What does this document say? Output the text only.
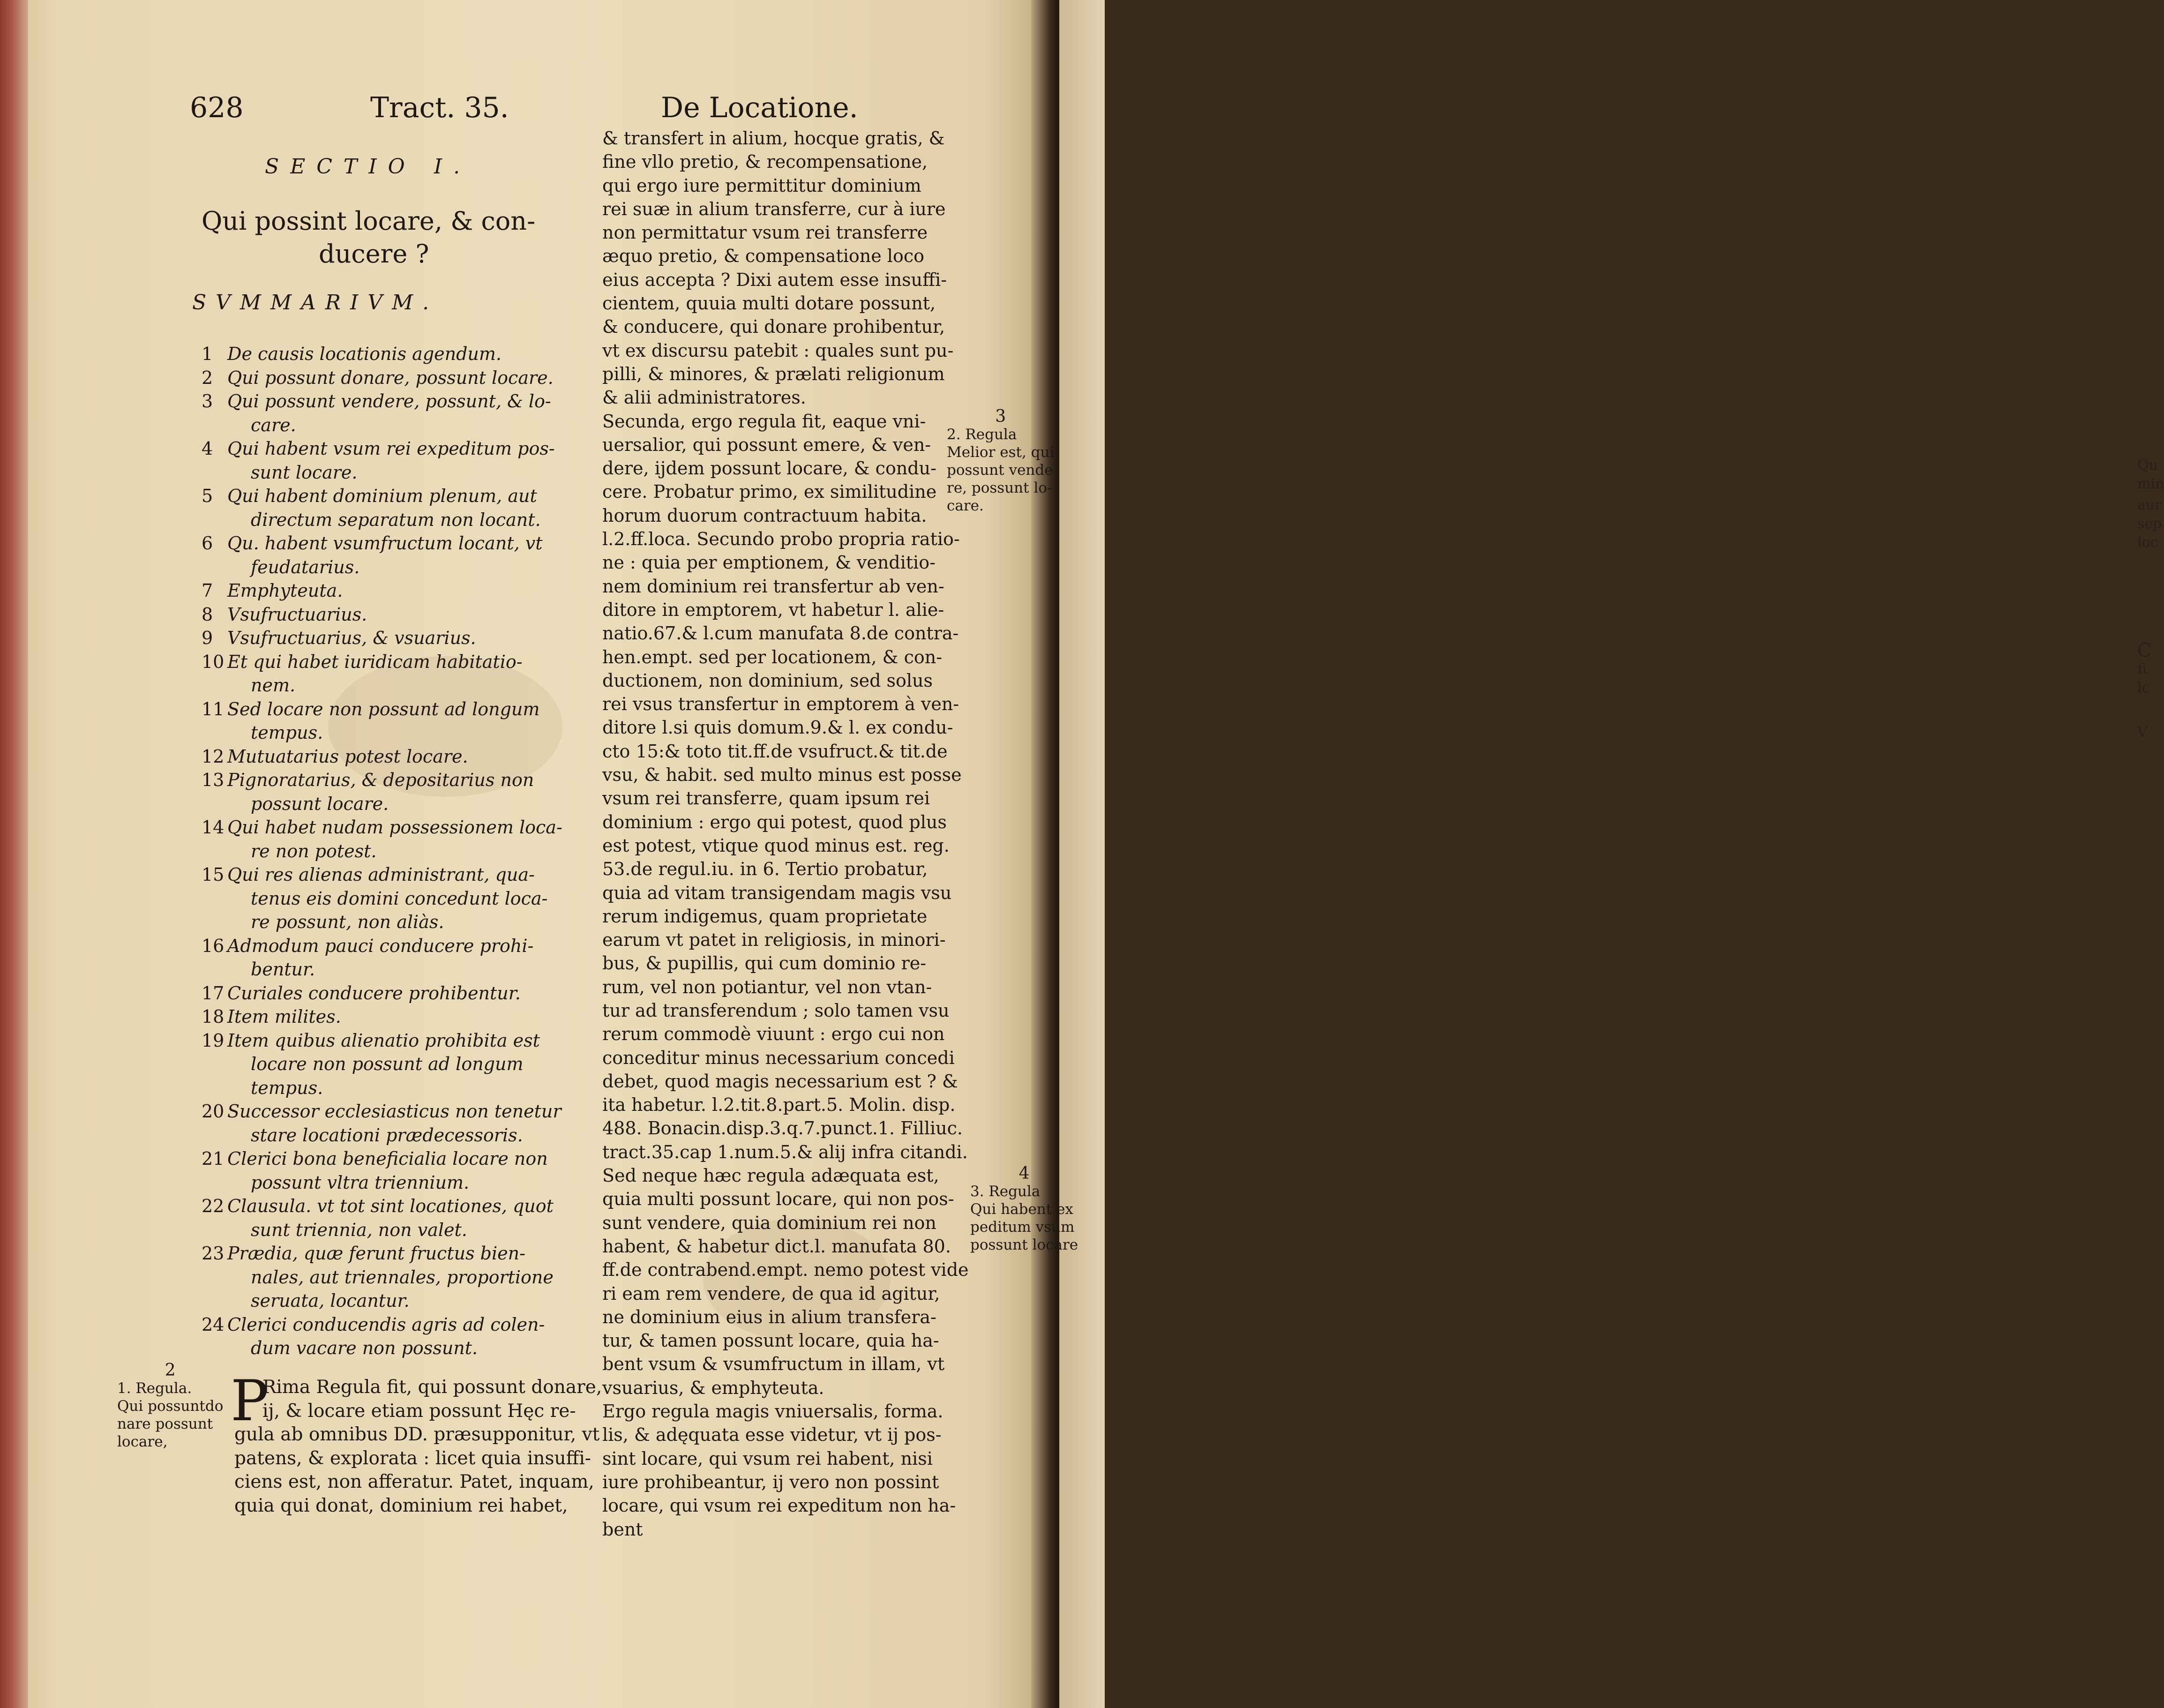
Qu
min
aur
sep
loc
C
fi
lc
V
628	Tract. 35.	De Locatione.
SECTIO I.
Qui possint locare, & con-
ducere ?
SVMMARIVM.
1 De causis locationis agendum.
2 Qui possunt donare, possunt locare.
3 Qui possunt vendere, possunt, & lo-
care.
4 Qui habent vsum rei expeditum pos-
sunt locare.
5 Qui habent dominium plenum, aut
directum separatum non locant.
6 Qu. habent vsumfructum locant, vt
feudatarius.
7 Emphyteuta.
8 Vsufructuarius.
9 Vsufructuarius, & vsuarius.
10 Et qui habet iuridicam habitatio-
nem.
11 Sed locare non possunt ad longum
tempus.
12 Mutuatarius potest locare.
13 Pignoratarius, & depositarius non
possunt locare.
14 Qui habet nudam possessionem loca-
re non potest.
15 Qui res alienas administrant, qua-
tenus eis domini concedunt loca-
re possunt, non aliàs.
16 Admodum pauci conducere prohi-
bentur.
17 Curiales conducere prohibentur.
18 Item milites.
19 Item quibus alienatio prohibita est
locare non possunt ad longum
tempus.
20 Successor ecclesiasticus non tenetur
stare locationi prædecessoris.
21 Clerici bona beneficialia locare non
possunt vltra triennium.
22 Clausula. vt tot sint locationes, quot
sunt triennia, non valet.
23 Prædia, quæ ferunt fructus bien-
nales, aut triennales, proportione
seruata, locantur.
24 Clerici conducendis agris ad colen-
dum vacare non possunt.
3
2. Regula
Melior est, qui
possunt vende
re, possunt lo-
care.
4
3. Regula
Qui habent ex
peditum vsum
possunt locare
2
1. Regula.
Qui possuntdo
nare possunt
locare,
P
Rima Regula fit, qui possunt donare,
ij, & locare etiam possunt Hęc re-
gula ab omnibus DD. præsupponitur, vt
patens, & explorata : licet quia insuffi-
ciens est, non afferatur. Patet, inquam,
quia qui donat, dominium rei habet,
& transfert in alium, hocque gratis, &
fine vllo pretio, & recompensatione,
qui ergo iure permittitur dominium
rei suæ in alium transferre, cur à iure
non permittatur vsum rei transferre
æquo pretio, & compensatione loco
eius accepta ? Dixi autem esse insuffi-
cientem, quuia multi dotare possunt,
& conducere, qui donare prohibentur,
vt ex discursu patebit : quales sunt pu-
pilli, & minores, & prælati religionum
& alii administratores.
Secunda, ergo regula fit, eaque vni-
uersalior, qui possunt emere, & ven-
dere, ijdem possunt locare, & condu-
cere. Probatur primo, ex similitudine
horum duorum contractuum habita.
l.2.ff.loca. Secundo probo propria ratio-
ne : quia per emptionem, & venditio-
nem dominium rei transfertur ab ven-
ditore in emptorem, vt habetur l. alie-
natio.67.& l.cum manufata 8.de contra-
hen.empt. sed per locationem, & con-
ductionem, non dominium, sed solus
rei vsus transfertur in emptorem à ven-
ditore l.si quis domum.9.& l. ex condu-
cto 15:& toto tit.ff.de vsufruct.& tit.de
vsu, & habit. sed multo minus est posse
vsum rei transferre, quam ipsum rei
dominium : ergo qui potest, quod plus
est potest, vtique quod minus est. reg.
53.de regul.iu. in 6. Tertio probatur,
quia ad vitam transigendam magis vsu
rerum indigemus, quam proprietate
earum vt patet in religiosis, in minori-
bus, & pupillis, qui cum dominio re-
rum, vel non potiantur, vel non vtan-
tur ad transferendum ; solo tamen vsu
rerum commodè viuunt : ergo cui non
conceditur minus necessarium concedi
debet, quod magis necessarium est ? &
ita habetur. l.2.tit.8.part.5. Molin. disp.
488. Bonacin.disp.3.q.7.punct.1. Filliuc.
tract.35.cap 1.num.5.& alij infra citandi.
Sed neque hæc regula adæquata est,
quia multi possunt locare, qui non pos-
sunt vendere, quia dominium rei non
habent, & habetur dict.l. manufata 80.
ff.de contrabend.empt. nemo potest vide
ri eam rem vendere, de qua id agitur,
ne dominium eius in alium transfera-
tur, & tamen possunt locare, quia ha-
bent vsum & vsumfructum in illam, vt
vsuarius, & emphyteuta.
Ergo regula magis vniuersalis, forma.
lis, & adęquata esse videtur, vt ij pos-
sint locare, qui vsum rei habent, nisi
iure prohibeantur, ij vero non possint
locare, qui vsum rei expeditum non ha-
bent
